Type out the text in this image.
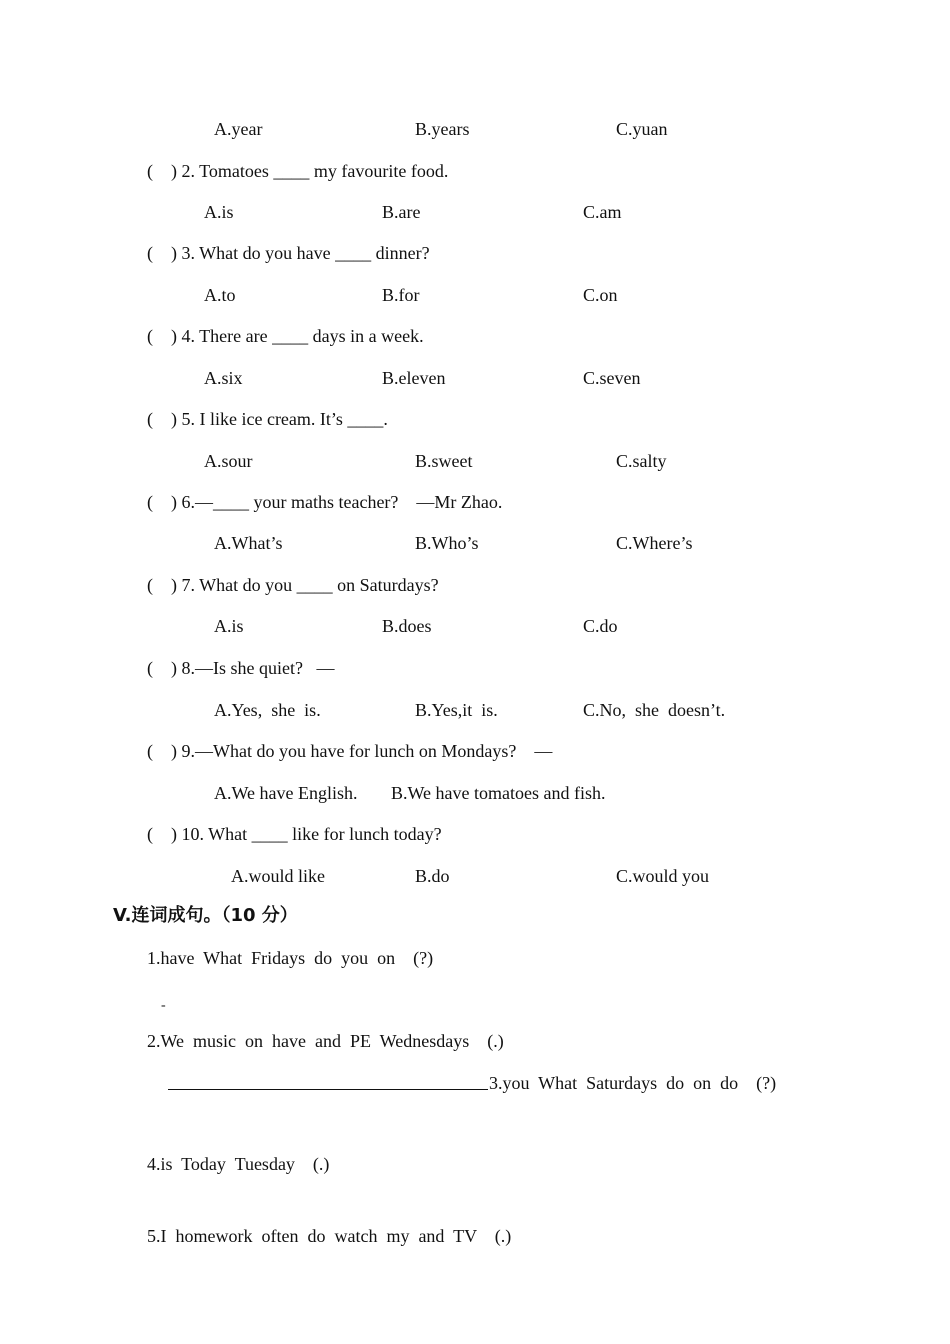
A.year	B.years	C.yuan
(    ) 2. Tomatoes ____ my favourite food.
A.is	B.are	C.am
(    ) 3. What do you have ____ dinner?
A.to	B.for	C.on
(    ) 4. There are ____ days in a week.
A.six	B.eleven	C.seven
(    ) 5. I like ice cream. It’s ____.
A.sour	B.sweet	C.salty
(    ) 6.—____ your maths teacher?    —Mr Zhao.
A.What’s	B.Who’s	C.Where’s
(    ) 7. What do you ____ on Saturdays?
A.is	B.does	C.do
(    ) 8.—Is she quiet?   —
A.Yes,  she  is.	B.Yes,it  is.	C.No,  she  doesn’t.
(    ) 9.—What do you have for lunch on Mondays?    —
A.We have English. B.We have tomatoes and fish.
(    ) 10. What ____ like for lunch today?
A.would like	B.do	C.would you
V.连词成句。（10 分）
1.have  What  Fridays  do  you  on    (?)
-
2.We  music  on  have  and  PE  Wednesdays    (.)
3.you  What  Saturdays  do  on  do    (?)
4.is  Today  Tuesday    (.)
5.I  homework  often  do  watch  my  and  TV    (.)
